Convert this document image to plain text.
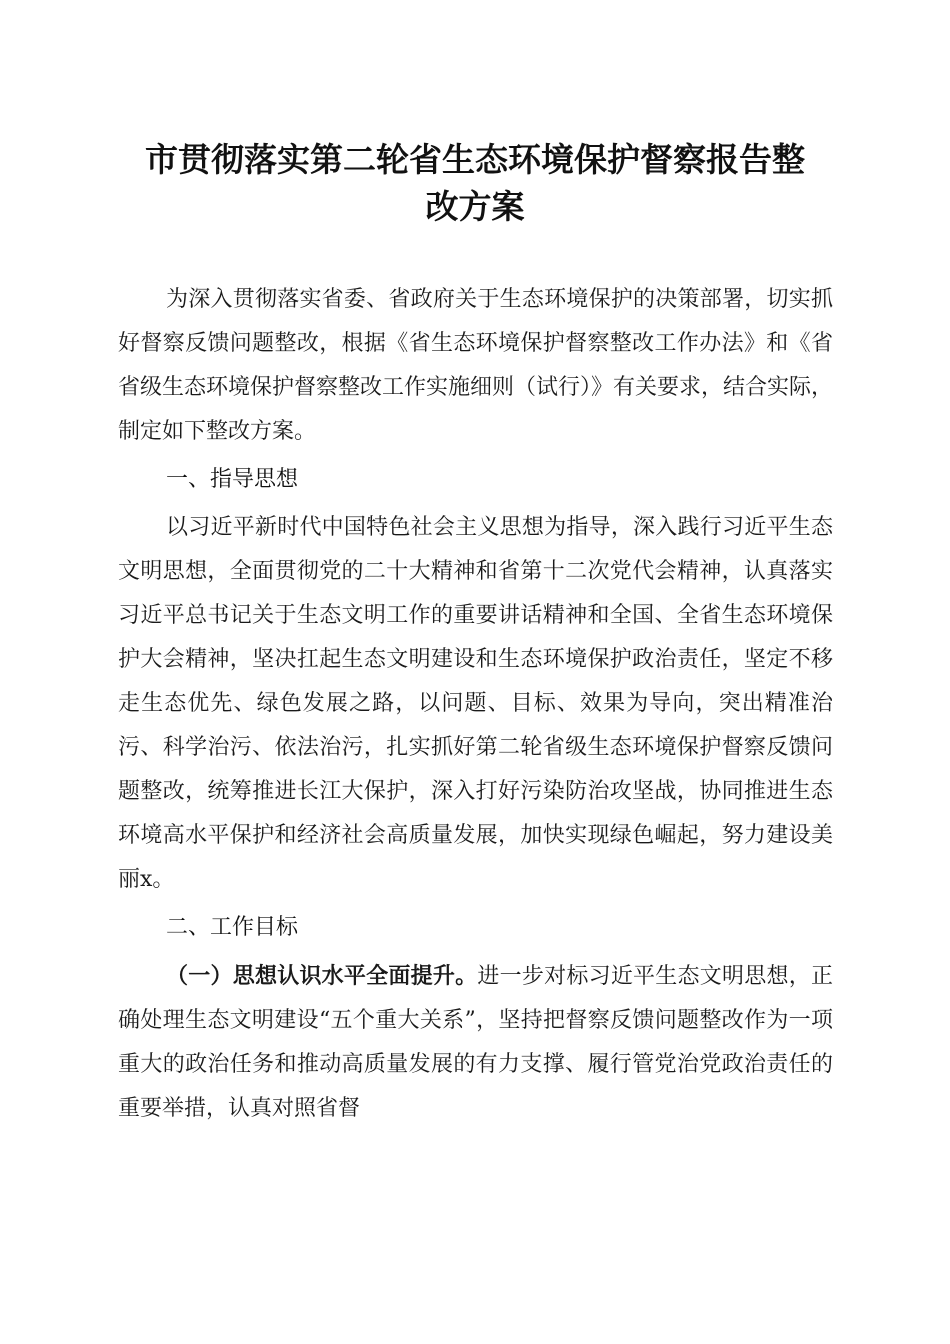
市贯彻落实第二轮省生态环境保护督察报告整
改方案

为深入贯彻落实省委、省政府关于生态环境保护的决策部署，切实抓好督察反馈问题整改，根据《省生态环境保护督察整改工作办法》和《省省级生态环境保护督察整改工作实施细则（试行）》有关要求，结合实际，制定如下整改方案。

一、指导思想

以习近平新时代中国特色社会主义思想为指导，深入践行习近平生态文明思想，全面贯彻党的二十大精神和省第十二次党代会精神，认真落实习近平总书记关于生态文明工作的重要讲话精神和全国、全省生态环境保护大会精神，坚决扛起生态文明建设和生态环境保护政治责任，坚定不移走生态优先、绿色发展之路，以问题、目标、效果为导向，突出精准治污、科学治污、依法治污，扎实抓好第二轮省级生态环境保护督察反馈问题整改，统筹推进长江大保护，深入打好污染防治攻坚战，协同推进生态环境高水平保护和经济社会高质量发展，加快实现绿色崛起，努力建设美丽x。

二、工作目标

（一）思想认识水平全面提升。进一步对标习近平生态文明思想，正确处理生态文明建设“五个重大关系”，坚持把督察反馈问题整改作为一项重大的政治任务和推动高质量发展的有力支撑、履行管党治党政治责任的重要举措，认真对照省督
